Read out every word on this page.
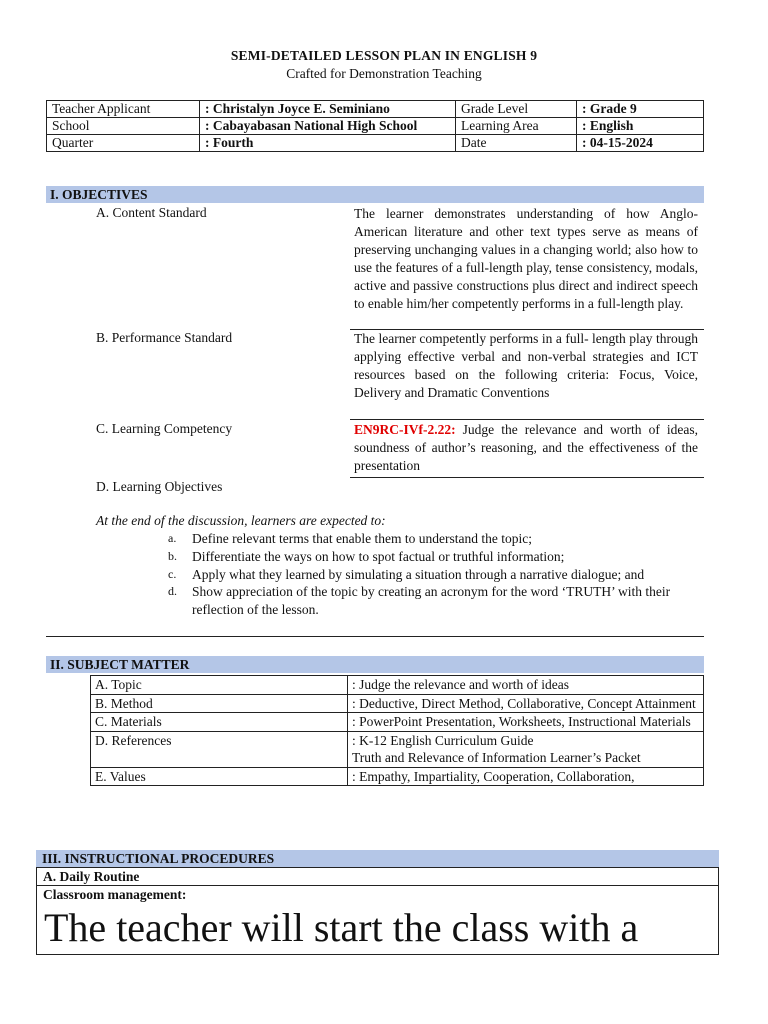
SEMI-DETAILED LESSON PLAN IN ENGLISH 9
Crafted for Demonstration Teaching
Teacher Applicant	: Christalyn Joyce E. Seminiano	Grade Level	: Grade 9
School	: Cabayabasan National High School	Learning Area	: English
Quarter	: Fourth	Date	: 04-15-2024
I. OBJECTIVES
A. Content Standard	The learner demonstrates understanding of how Anglo-American literature and other text types serve as means of preserving unchanging values in a changing world; also how to use the features of a full-length play, tense consistency, modals, active and passive constructions plus direct and indirect speech to enable him/her competently performs in a full-length play.
B. Performance Standard	The learner competently performs in a full- length play through applying effective verbal and non-verbal strategies and ICT resources based on the following criteria: Focus, Voice, Delivery and Dramatic Conventions
C. Learning Competency	EN9RC-IVf-2.22: Judge the relevance and worth of ideas, soundness of author’s reasoning, and the effectiveness of the presentation
D. Learning Objectives
At the end of the discussion, learners are expected to:
a. Define relevant terms that enable them to understand the topic;
b. Differentiate the ways on how to spot factual or truthful information;
c. Apply what they learned by simulating a situation through a narrative dialogue; and
d. Show appreciation of the topic by creating an acronym for the word ‘TRUTH’ with their reflection of the lesson.
II. SUBJECT MATTER
A. Topic	: Judge the relevance and worth of ideas
B. Method	: Deductive, Direct Method, Collaborative, Concept Attainment
C. Materials	: PowerPoint Presentation, Worksheets, Instructional Materials
D. References	: K-12 English Curriculum Guide
Truth and Relevance of Information Learner’s Packet
E. Values	: Empathy, Impartiality, Cooperation, Collaboration,
III. INSTRUCTIONAL PROCEDURES
A. Daily Routine
Classroom management:
The teacher will start the class with a
